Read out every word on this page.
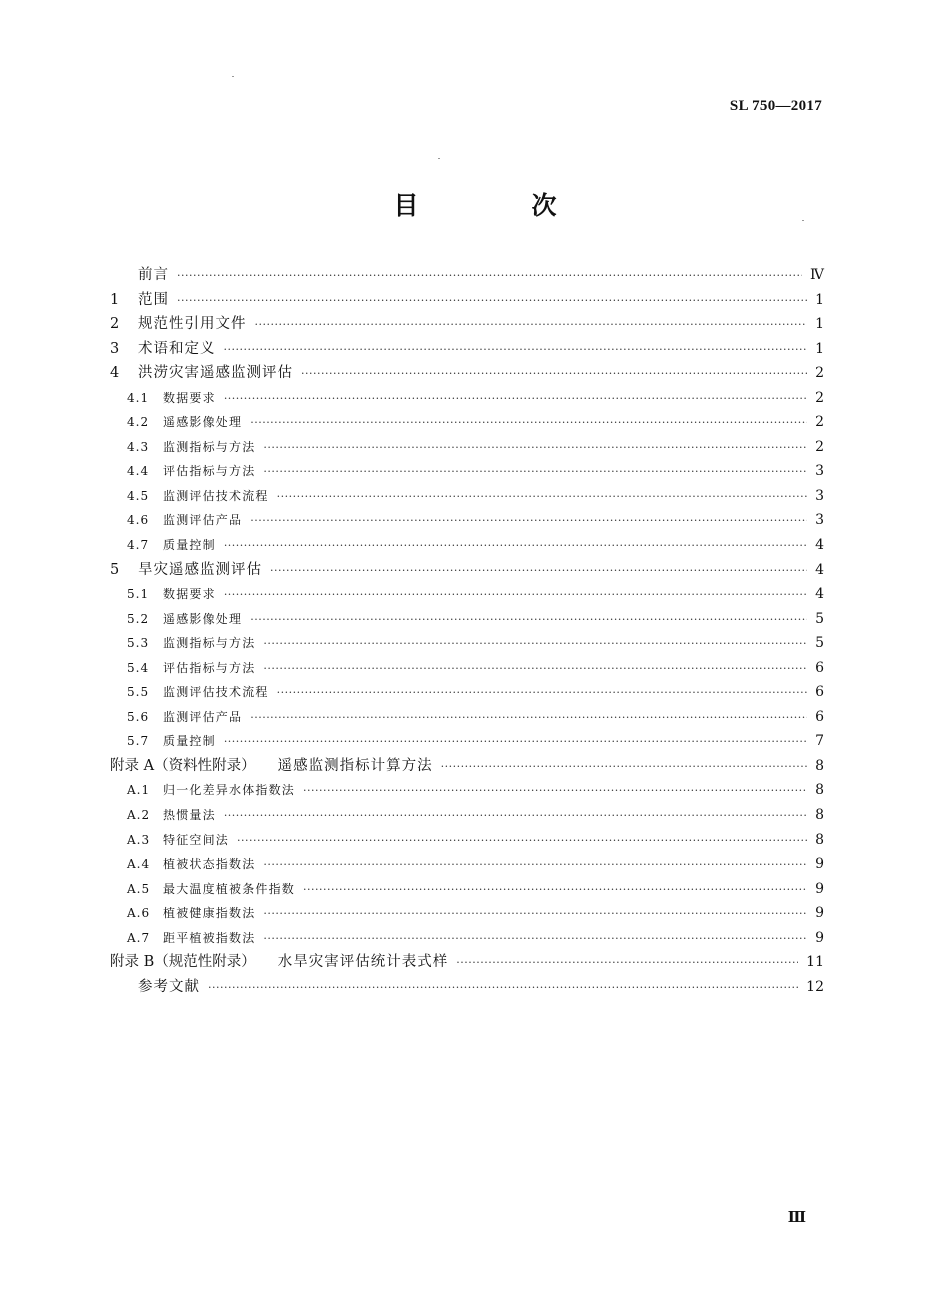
SL 750—2017
目　次
前言 ·····	Ⅳ
1	范围 ·····	1
2	规范性引用文件 ·····	1
3	术语和定义 ·····	1
4	洪涝灾害遥感监测评估 ·····	2
4.1	数据要求 ·····	2
4.2	遥感影像处理 ·····	2
4.3	监测指标与方法 ·····	2
4.4	评估指标与方法 ·····	3
4.5	监测评估技术流程 ·····	3
4.6	监测评估产品 ·····	3
4.7	质量控制 ·····	4
5	旱灾遥感监测评估 ·····	4
5.1	数据要求 ·····	4
5.2	遥感影像处理 ·····	5
5.3	监测指标与方法 ·····	5
5.4	评估指标与方法 ·····	6
5.5	监测评估技术流程 ·····	6
5.6	监测评估产品 ·····	6
5.7	质量控制 ·····	7
附录 A（资料性附录） 遥感监测指标计算方法 ·····	8
A.1	归一化差异水体指数法 ·····	8
A.2	热惯量法 ·····	8
A.3	特征空间法 ·····	8
A.4	植被状态指数法 ·····	9
A.5	最大温度植被条件指数 ·····	9
A.6	植被健康指数法 ·····	9
A.7	距平植被指数法 ·····	9
附录 B（规范性附录） 水旱灾害评估统计表式样 ·····	11
参考文献 ·····	12
Ⅲ
